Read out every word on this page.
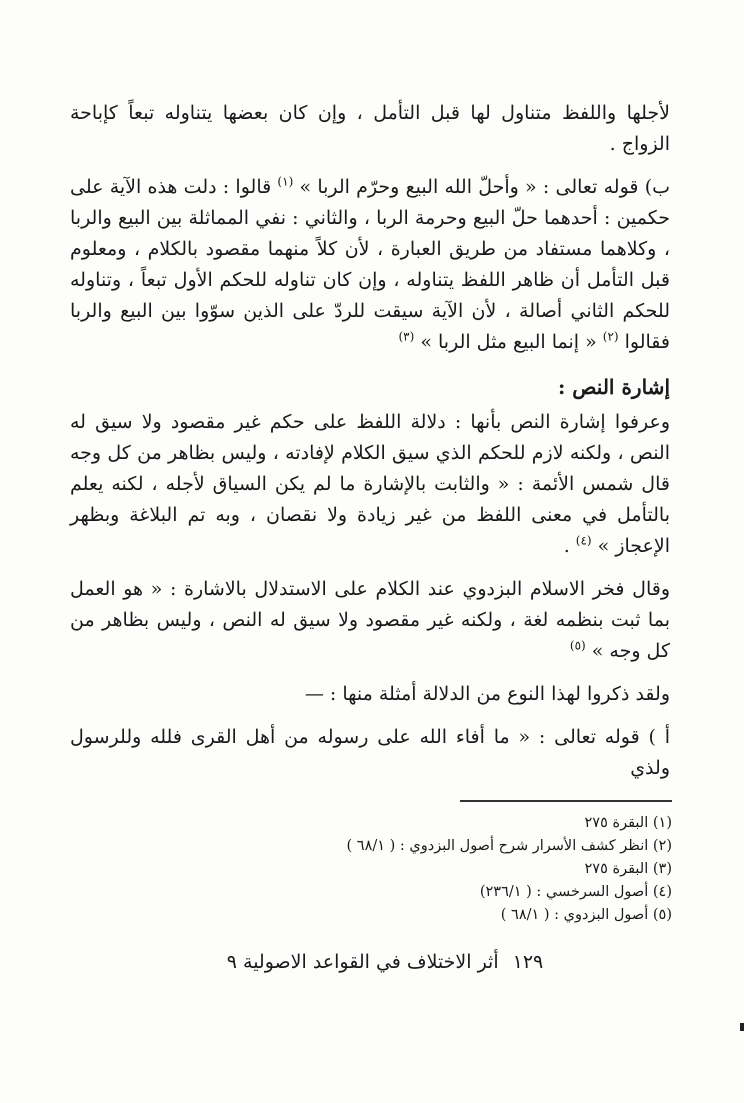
لأجلها واللفظ متناول لها قبل التأمل ، وإن كان بعضها يتناوله تبعاً كإباحة الزواج .

ب) قوله تعالى : « وأحلّ الله البيع وحرّم الربا » $^{(١)}$ قالوا : دلت هذه الآية على حكمين : أحدهما حلّ البيع وحرمة الربا ، والثاني : نفي المماثلة بين البيع والربا ، وكلاهما مستفاد من طريق العبارة ، لأن كلاً منهما مقصود بالكلام ، ومعلوم قبل التأمل أن ظاهر اللفظ يتناوله ، وإن كان تناوله للحكم الأول تبعاً ، وتناوله للحكم الثاني أصالة ، لأن الآية سيقت للردّ على الذين سوّوا بين البيع والربا فقالوا $^{(٢)}$ « إنما البيع مثل الربا » $^{(٣)}$

إشارة النص :

وعرفوا إشارة النص بأنها : دلالة اللفظ على حكم غير مقصود ولا سيق له النص ، ولكنه لازم للحكم الذي سيق الكلام لإفادته ، وليس بظاهر من كل وجه قال شمس الأئمة : « والثابت بالإشارة ما لم يكن السياق لأجله ، لكنه يعلم بالتأمل في معنى اللفظ من غير زيادة ولا نقصان ، وبه تم البلاغة وبظهر الإعجاز » $^{(٤)}$ .

وقال فخر الاسلام البزدوي عند الكلام على الاستدلال بالاشارة : « هو العمل بما ثبت بنظمه لغة ، ولكنه غير مقصود ولا سيق له النص ، وليس بظاهر من كل وجه » $^{(٥)}$

ولقد ذكروا لهذا النوع من الدلالة أمثلة منها : —

أ ) قوله تعالى : « ما أفاء الله على رسوله من أهل القرى فلله وللرسول ولذي

(١) البقرة ٢٧٥
(٢) انظر كشف الأسرار شرح أصول البزدوي : ( ٦٨/١ )
(٣) البقرة ٢٧٥
(٤) أصول السرخسي : ( ٢٣٦/١)
(٥) أصول البزدوي : ( ٦٨/١ )
١٢٩
أثر الاختلاف في القواعد الاصولية ٩
